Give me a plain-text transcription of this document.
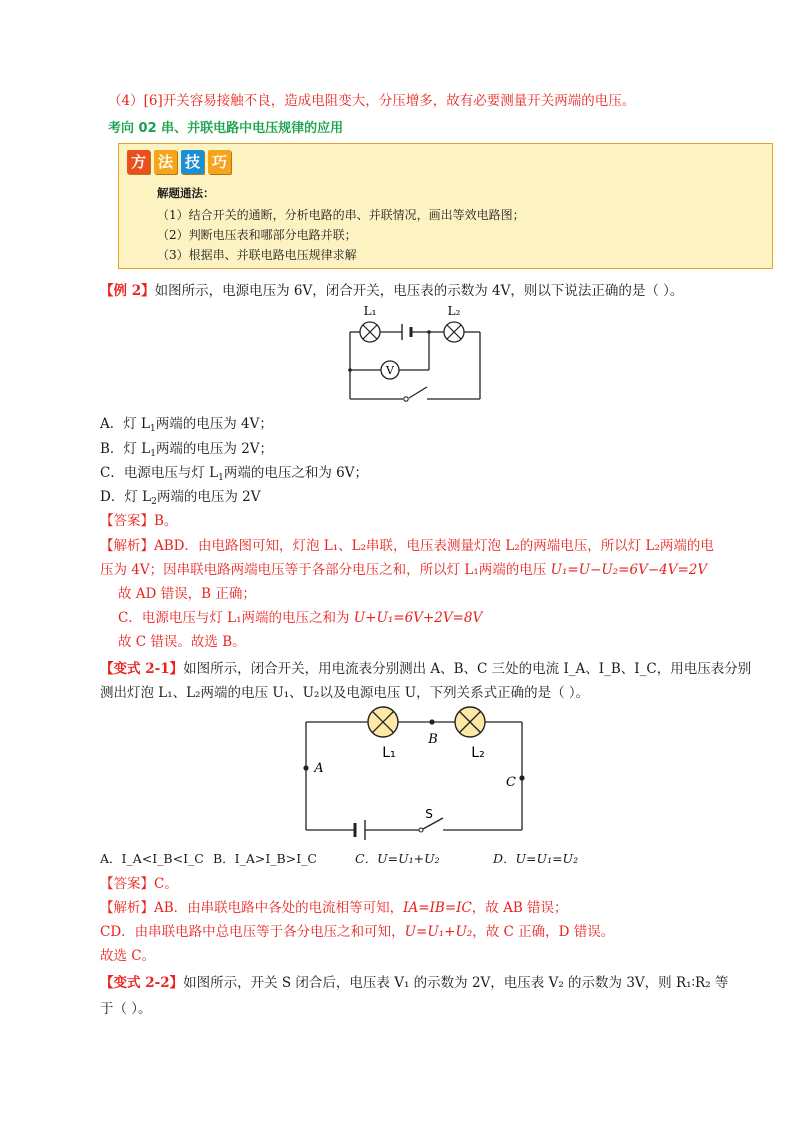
（4）[6]开关容易接触不良，造成电阻变大，分压增多，故有必要测量开关两端的电压。
考向 02 串、并联电路中电压规律的应用
方 法 技 巧
解题通法：
（1）结合开关的通断，分析电路的串、并联情况，画出等效电路图；
（2）判断电压表和哪部分电路并联；
（3）根据串、并联电路电压规律求解
【例 2】如图所示，电源电压为 6V，闭合开关，电压表的示数为 4V，则以下说法正确的是（ ）。
V
L₁	L₂
A．灯 $L_1$两端的电压为 4V；
B．灯 $L_1$两端的电压为 2V；
C．电源电压与灯 $L_1$两端的电压之和为 6V；
D．灯 $L_2$两端的电压为 2V
【答案】B。
【解析】ABD．由电路图可知，灯泡 L₁、L₂串联，电压表测量灯泡 L₂的两端电压，所以灯 L₂两端的电
压为 4V；因串联电路两端电压等于各部分电压之和，所以灯 L₁两端的电压 U₁=U−U₂=6V−4V=2V
故 AD 错误，B 正确；
C．电源电压与灯 L₁两端的电压之和为 U+U₁=6V+2V=8V
故 C 错误。故选 B。
【变式 2-1】如图所示，闭合开关，用电流表分别测出 A、B、C 三处的电流 I_A、I_B、I_C，用电压表分别
测出灯泡 L₁、L₂两端的电压 U₁、U₂以及电源电压 U，下列关系式正确的是（ ）。
L₁	L₂
B
A
C
S
A．I_A<I_B<I_C B．I_A>I_B>I_C	C．U=U₁+U₂	D．U=U₁=U₂
【答案】C。
【解析】AB．由串联电路中各处的电流相等可知，IA=IB=IC，故 AB 错误；
CD．由串联电路中总电压等于各分电压之和可知，U=U₁+U₂，故 C 正确，D 错误。
故选 C。
【变式 2-2】如图所示，开关 S 闭合后，电压表 V₁ 的示数为 2V，电压表 V₂ 的示数为 3V，则 R₁∶R₂ 等
于（ ）。
